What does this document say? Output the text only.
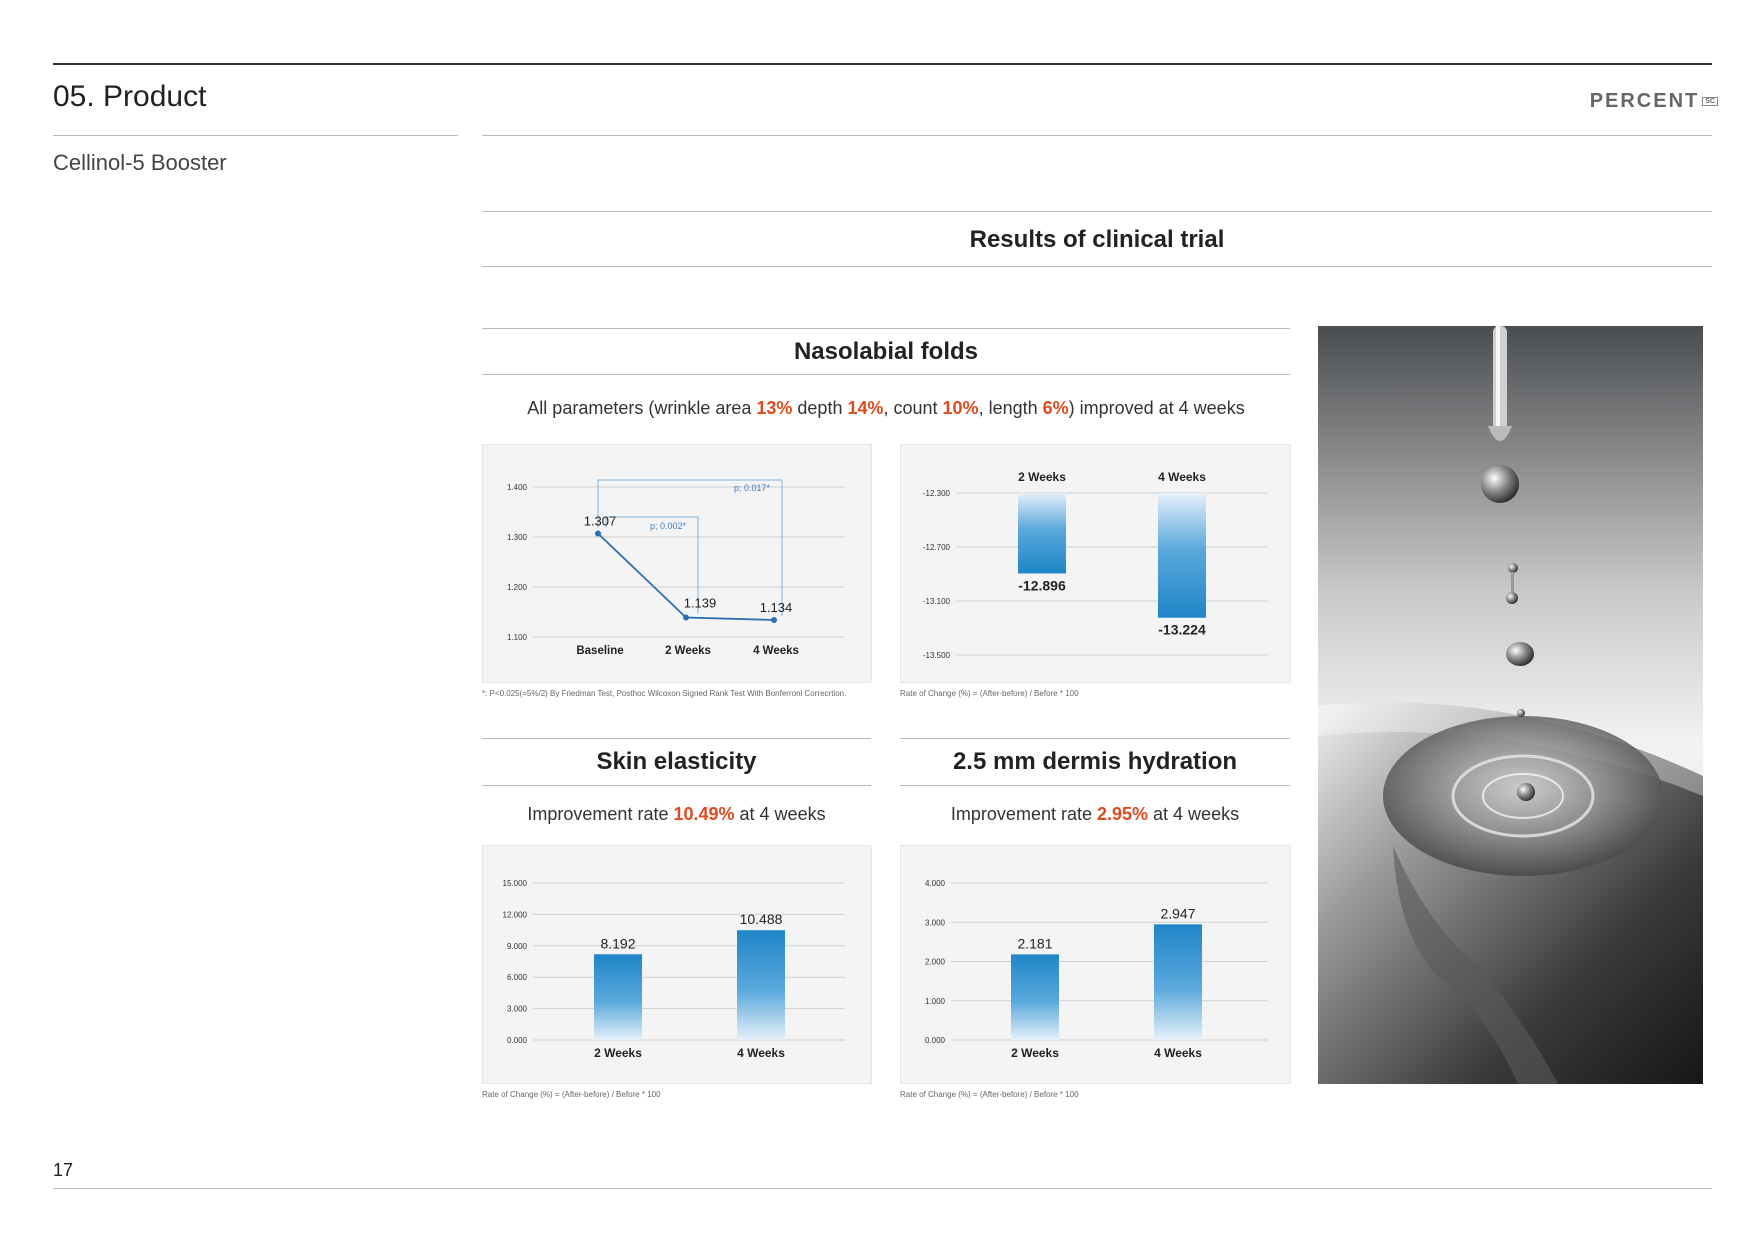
05. Product
Cellinol-5 Booster
PERCENT SC
Results of clinical trial
Nasolabial folds
All parameters (wrinkle area 13% depth 14%, count 10%, length 6%) improved at 4 weeks
1.400
1.300
1.200
1.100
p; 0.002*
p; 0.017*
1.307
1.139	1.134
Baseline	2 Weeks	4 Weeks
-12.300
-12.700
-13.100
-13.500
-12.896
2 Weeks
-13.224
4 Weeks
*: P<0.025(=5%/2) By Friedman Test, Posthoc Wilcoxon Signed Rank Test With Bonferroni Correcrtion.	Rate of Change (%) = (After-before) / Before * 100
Skin elasticity
Improvement rate 10.49% at 4 weeks
15.000
12.000
9.000
6.000
3.000
0.000
8.192
2 Weeks
10.488
4 Weeks
Rate of Change (%) = (After-before) / Before * 100
2.5 mm dermis hydration
Improvement rate 2.95% at 4 weeks
4.000
3.000
2.000
1.000
0.000
2.181
2 Weeks
2.947
4 Weeks
Rate of Change (%) = (After-before) / Before * 100
17
